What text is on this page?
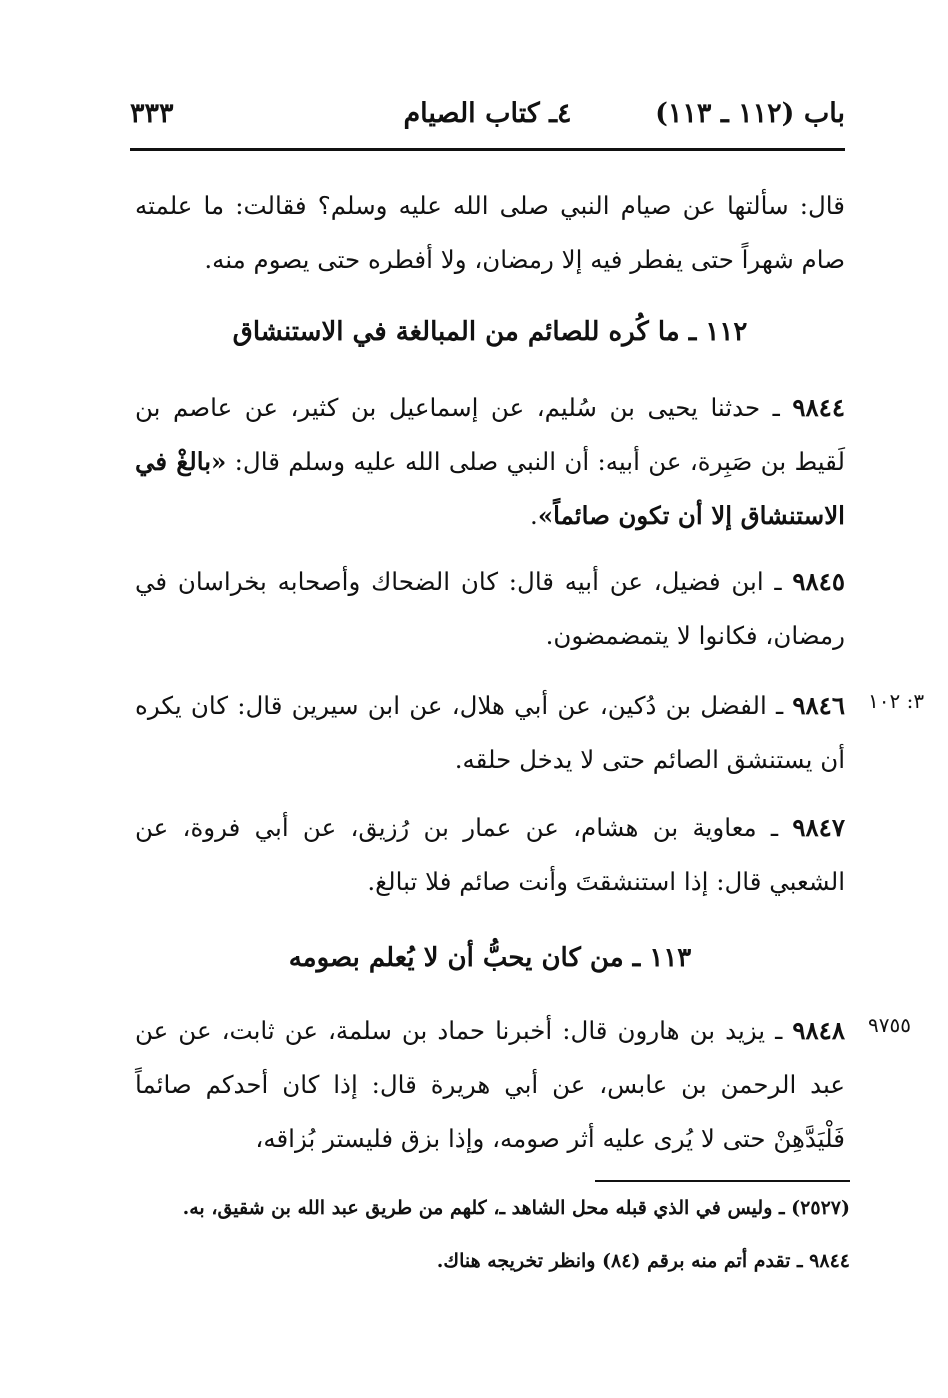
باب (١١٢ ـ ١١٣)
٤ـ كتاب الصيام
٣٣٣
قال: سألتها عن صيام النبي صلى الله عليه وسلم؟ فقالت: ما علمته صام شهراً حتى يفطر فيه إلا رمضان، ولا أفطره حتى يصوم منه.
١١٢ ـ ما كُره للصائم من المبالغة في الاستنشاق
٩٨٤٤ ـ حدثنا يحيى بن سُليم، عن إسماعيل بن كثير، عن عاصم بن لَقيط بن صَبِرة، عن أبيه: أن النبي صلى الله عليه وسلم قال: «بالغْ في الاستنشاق إلا أن تكون صائماً».
٩٨٤٥ ـ ابن فضيل، عن أبيه قال: كان الضحاك وأصحابه بخراسان في رمضان، فكانوا لا يتمضمضون.
٣: ١٠٢
٩٨٤٦ ـ الفضل بن دُكين، عن أبي هلال، عن ابن سيرين قال: كان يكره أن يستنشق الصائم حتى لا يدخل حلقه.
٩٨٤٧ ـ معاوية بن هشام، عن عمار بن رُزيق، عن أبي فروة، عن الشعبي قال: إذا استنشقتَ وأنت صائم فلا تبالغ.
١١٣ ـ من كان يحبُّ أن لا يُعلم بصومه
٩٧٥٥
٩٨٤٨ ـ يزيد بن هارون قال: أخبرنا حماد بن سلمة، عن ثابت، عن عن عبد الرحمن بن عابس، عن أبي هريرة قال: إذا كان أحدكم صائماً فَلْيَدَّهِنْ حتى لا يُرى عليه أثر صومه، وإذا بزق فليستر بُزاقه،
(٢٥٢٧) ـ وليس في الذي قبله محل الشاهد ـ، كلهم من طريق عبد الله بن شقيق، به.
٩٨٤٤ ـ تقدم أتم منه برقم (٨٤) وانظر تخريجه هناك.
